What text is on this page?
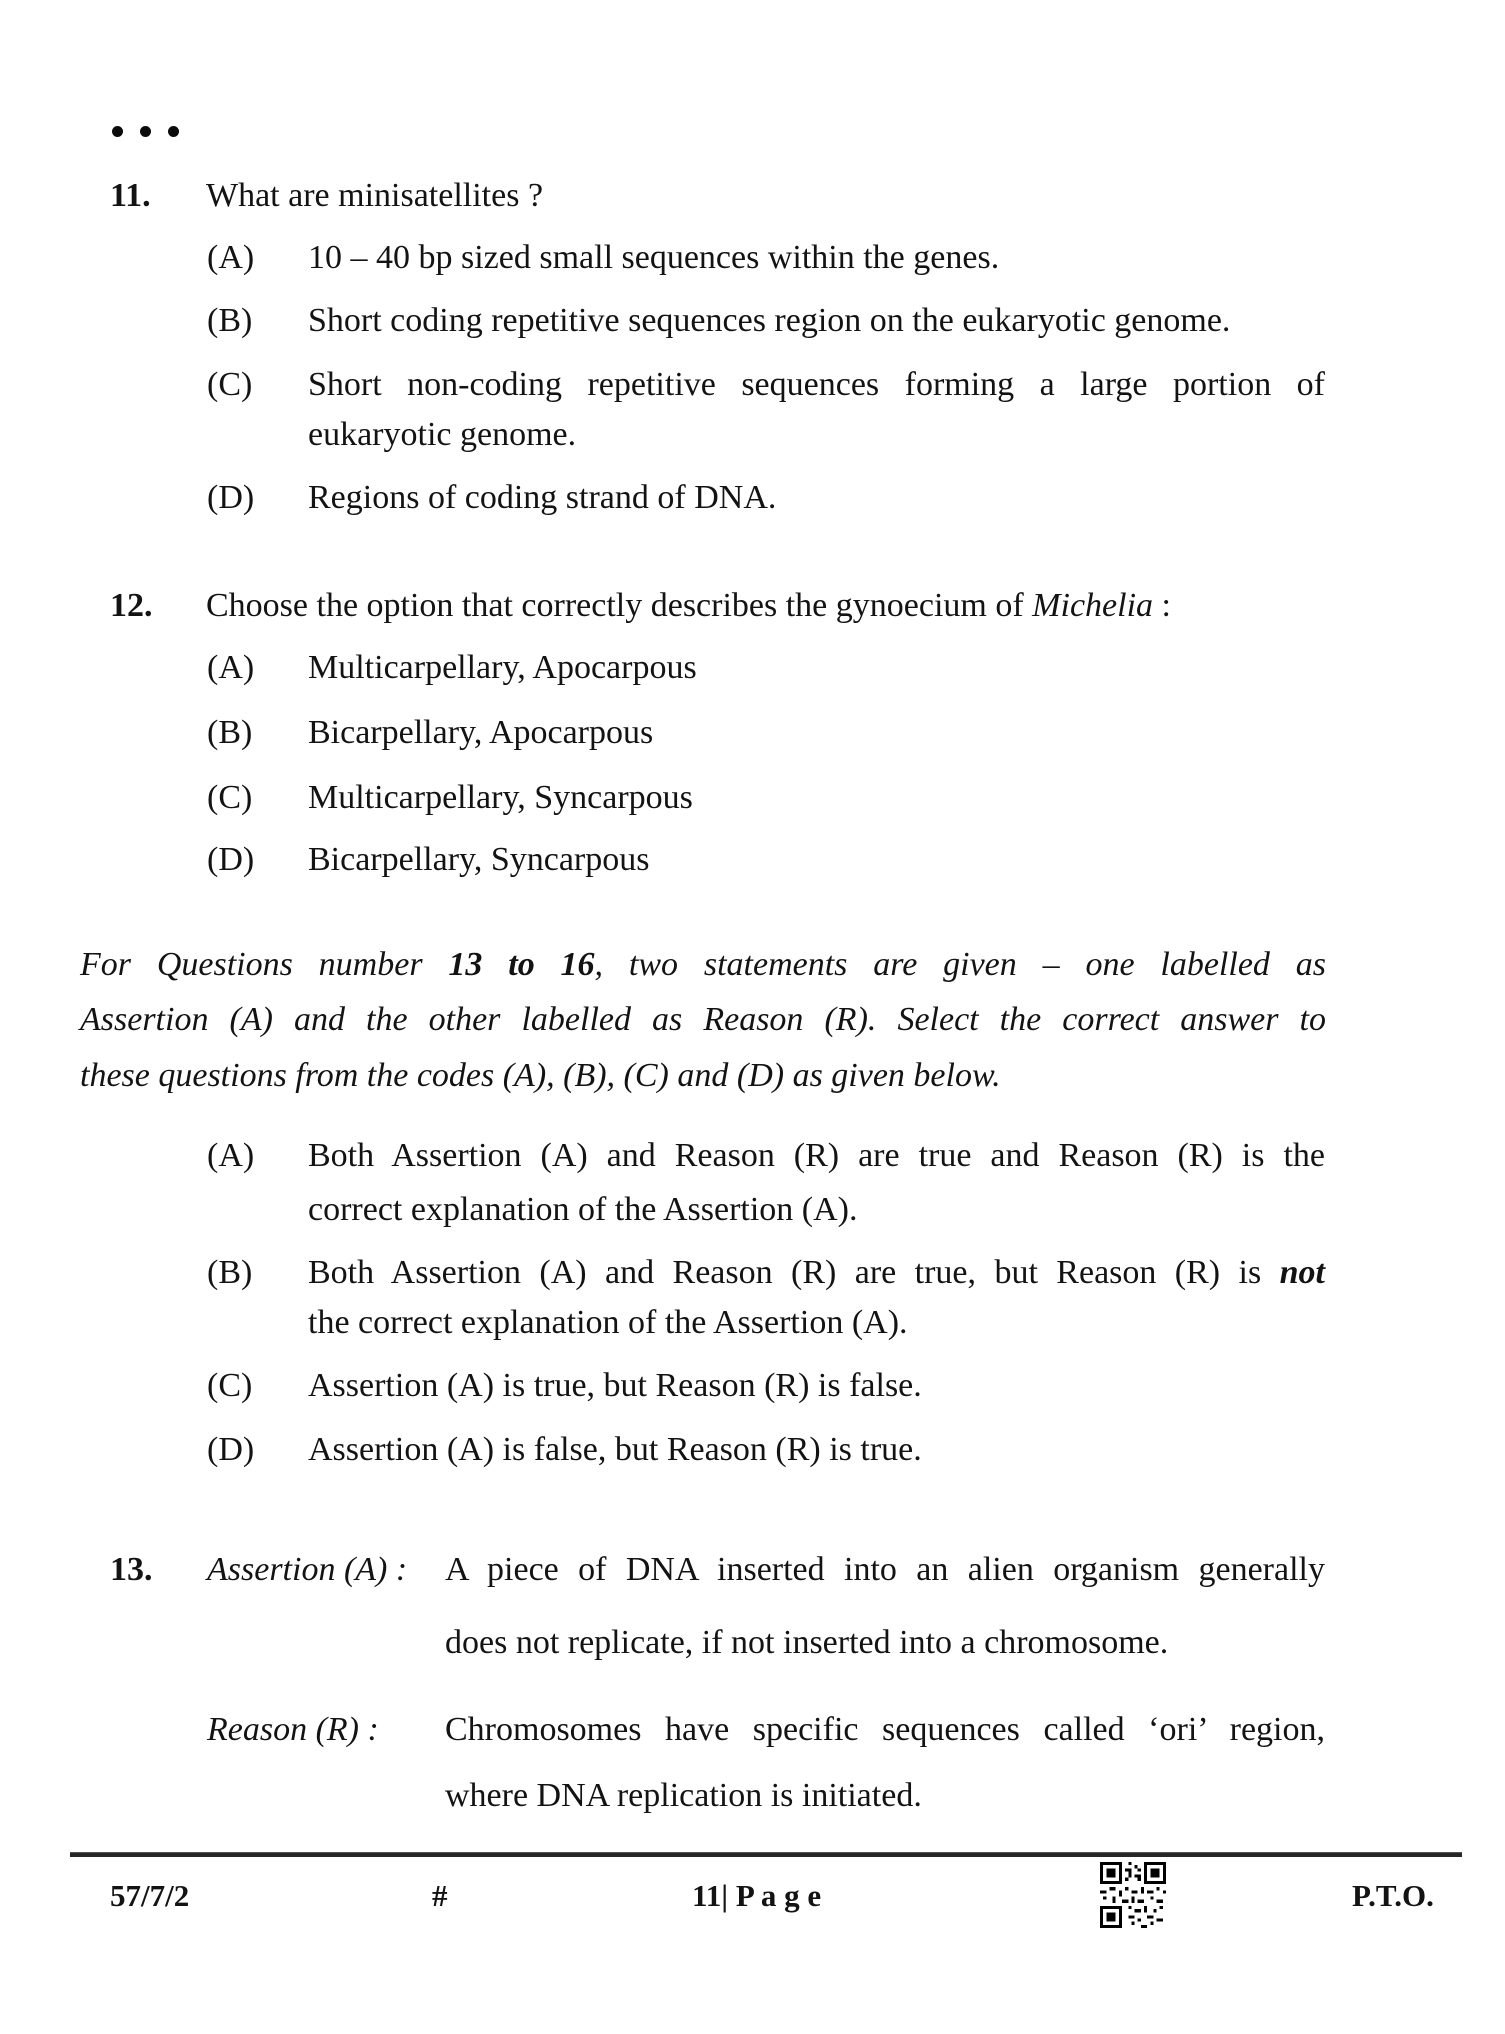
11. What are minisatellites ?
(A) 10 – 40 bp sized small sequences within the genes.
(B) Short coding repetitive sequences region on the eukaryotic genome.
(C) Short non-coding repetitive sequences forming a large portion of
eukaryotic genome.
(D) Regions of coding strand of DNA.
12. Choose the option that correctly describes the gynoecium of Michelia :
(A) Multicarpellary, Apocarpous
(B) Bicarpellary, Apocarpous
(C) Multicarpellary, Syncarpous
(D) Bicarpellary, Syncarpous
For Questions number 13 to 16, two statements are given – one labelled as
Assertion (A) and the other labelled as Reason (R). Select the correct answer to
these questions from the codes (A), (B), (C) and (D) as given below.
(A) Both Assertion (A) and Reason (R) are true and Reason (R) is the
correct explanation of the Assertion (A).
(B) Both Assertion (A) and Reason (R) are true, but Reason (R) is not
the correct explanation of the Assertion (A).
(C) Assertion (A) is true, but Reason (R) is false.
(D) Assertion (A) is false, but Reason (R) is true.
13. Assertion (A) : A piece of DNA inserted into an alien organism generally
does not replicate, if not inserted into a chromosome.
Reason (R) : Chromosomes have specific sequences called ‘ori’ region,
where DNA replication is initiated.
57/7/2	#	11| P a g e	P.T.O.
